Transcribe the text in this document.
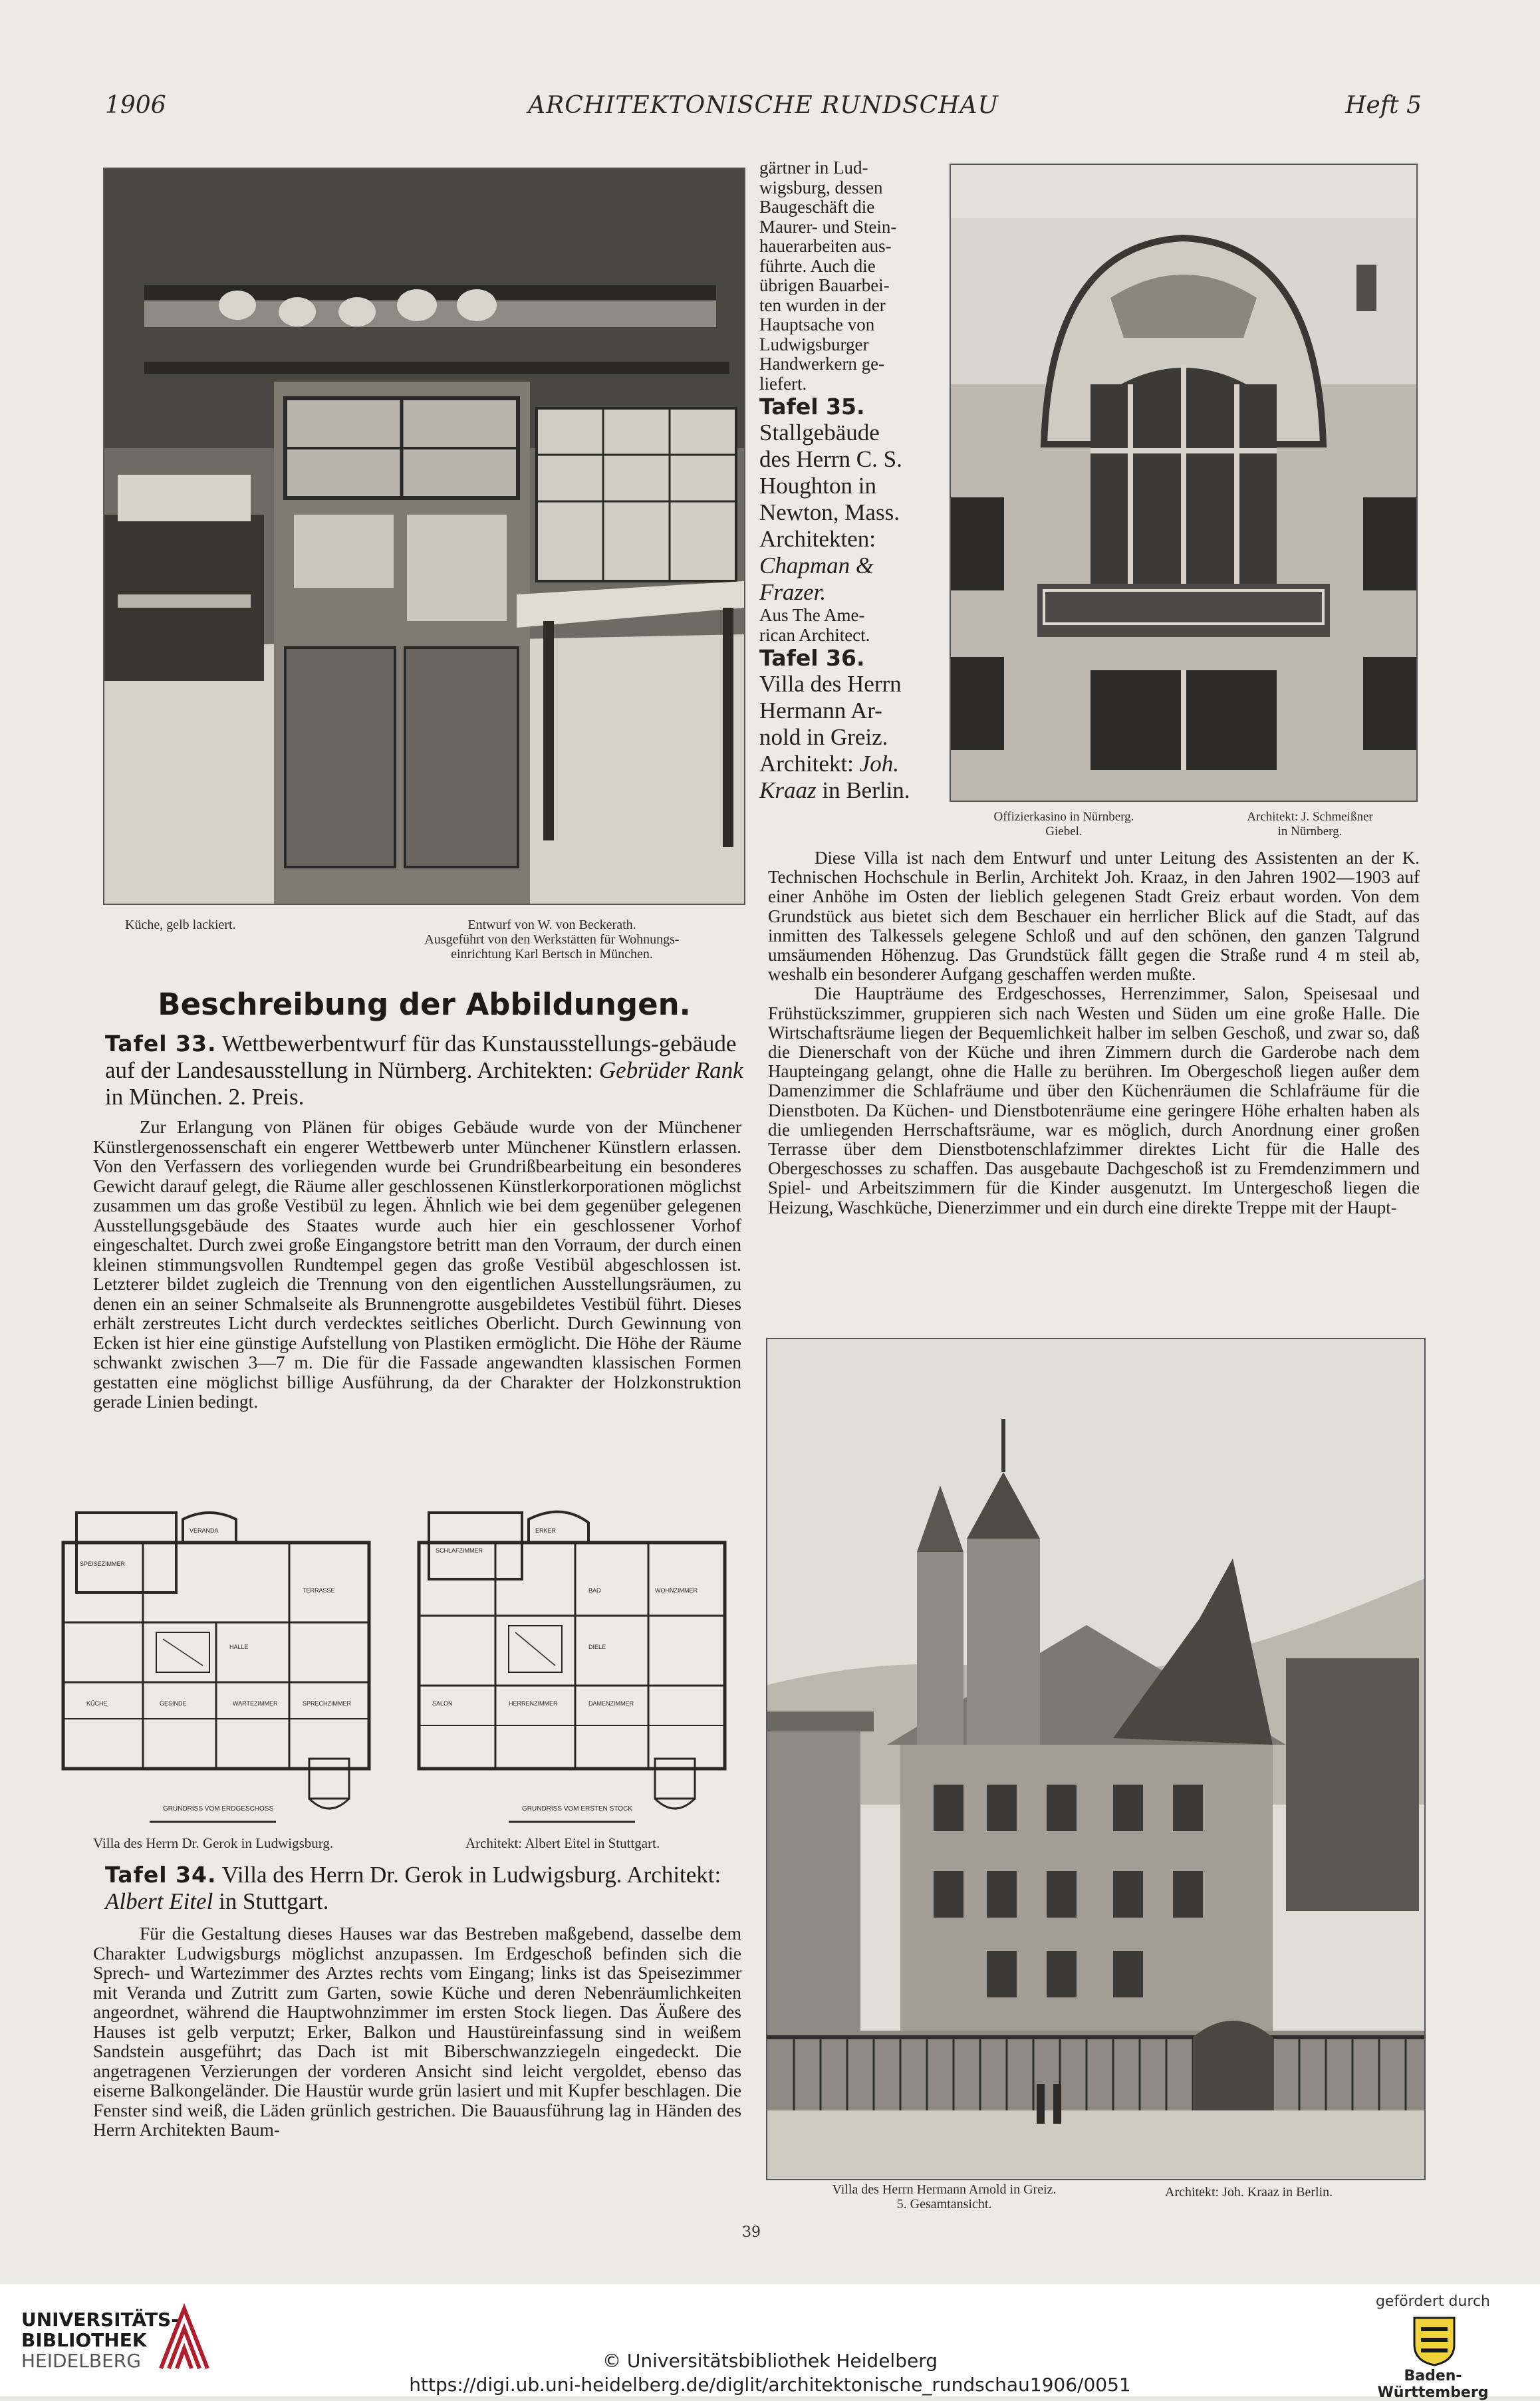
1906	ARCHITEKTONISCHE RUNDSCHAU	Heft 5
Küche, gelb lackiert.	Entwurf von W. von Beckerath.
Ausgeführt von den Werkstätten für Wohnungs-
einrichtung Karl Bertsch in München.
gärtner in Lud-
wigsburg, dessen
Baugeschäft die
Maurer- und Stein-
hauerarbeiten aus-
führte. Auch die
übrigen Bauarbei-
ten wurden in der
Hauptsache von
Ludwigsburger
Handwerkern ge-
liefert.
Tafel 35.
Stallgebäude
des Herrn C. S.
Houghton in
Newton, Mass.
Architekten:
Chapman &
Frazer.
Aus The Ame-
rican Architect.
Tafel 36.
Villa des Herrn
Hermann Ar-
nold in Greiz.
Architekt: Joh.
Kraaz in Berlin.
Offizierkasino in Nürnberg.
Giebel.
Architekt: J. Schmeißner
in Nürnberg.
Beschreibung der Abbildungen.
Tafel 33. Wettbewerbentwurf für das Kunstausstellungs-gebäude auf der Landesausstellung in Nürnberg. Architekten: Gebrüder Rank in München. 2. Preis.

Zur Erlangung von Plänen für obiges Gebäude wurde von der Münchener Künstlergenossenschaft ein engerer Wettbewerb unter Münchener Künstlern erlassen. Von den Verfassern des vorliegenden wurde bei Grundrißbearbeitung ein besonderes Gewicht darauf gelegt, die Räume aller geschlossenen Künstlerkorporationen möglichst zusammen um das große Vestibül zu legen. Ähnlich wie bei dem gegenüber gelegenen Ausstellungsgebäude des Staates wurde auch hier ein geschlossener Vorhof eingeschaltet. Durch zwei große Eingangstore betritt man den Vorraum, der durch einen kleinen stimmungsvollen Rundtempel gegen das große Vestibül abgeschlossen ist. Letzterer bildet zugleich die Trennung von den eigentlichen Ausstellungsräumen, zu denen ein an seiner Schmalseite als Brunnengrotte ausgebildetes Vestibül führt. Dieses erhält zerstreutes Licht durch verdecktes seitliches Oberlicht. Durch Gewinnung von Ecken ist hier eine günstige Aufstellung von Plastiken ermöglicht. Die Höhe der Räume schwankt zwischen 3—7 m. Die für die Fassade angewandten klassischen Formen gestatten eine möglichst billige Ausführung, da der Charakter der Holzkonstruktion gerade Linien bedingt.

SPEISEZIMMER
VERANDA
KÜCHE	GESINDE	WARTEZIMMER	SPRECHZIMMER
HALLE
TERRASSE
SCHLAFZIMMER
WOHNZIMMER
DIELE
SALON	HERRENZIMMER	DAMENZIMMER
BAD
ERKER
GRUNDRISS VOM ERDGESCHOSS	GRUNDRISS VOM ERSTEN STOCK
Villa des Herrn Dr. Gerok in Ludwigsburg.	Architekt: Albert Eitel in Stuttgart.
Tafel 34. Villa des Herrn Dr. Gerok in Ludwigsburg. Architekt: Albert Eitel in Stuttgart.

Für die Gestaltung dieses Hauses war das Bestreben maßgebend, dasselbe dem Charakter Ludwigsburgs möglichst anzupassen. Im Erdgeschoß befinden sich die Sprech- und Wartezimmer des Arztes rechts vom Eingang; links ist das Speisezimmer mit Veranda und Zutritt zum Garten, sowie Küche und deren Nebenräumlichkeiten angeordnet, während die Hauptwohnzimmer im ersten Stock liegen. Das Äußere des Hauses ist gelb verputzt; Erker, Balkon und Haustüreinfassung sind in weißem Sandstein ausgeführt; das Dach ist mit Biberschwanzziegeln eingedeckt. Die angetragenen Verzierungen der vorderen Ansicht sind leicht vergoldet, ebenso das eiserne Balkongeländer. Die Haustür wurde grün lasiert und mit Kupfer beschlagen. Die Fenster sind weiß, die Läden grünlich gestrichen. Die Bauausführung lag in Händen des Herrn Architekten Baum-

Diese Villa ist nach dem Entwurf und unter Leitung des Assistenten an der K. Technischen Hochschule in Berlin, Architekt Joh. Kraaz, in den Jahren 1902—1903 auf einer Anhöhe im Osten der lieblich gelegenen Stadt Greiz erbaut worden. Von dem Grundstück aus bietet sich dem Beschauer ein herrlicher Blick auf die Stadt, auf das inmitten des Talkessels gelegene Schloß und auf den schönen, den ganzen Talgrund umsäumenden Höhenzug. Das Grundstück fällt gegen die Straße rund 4 m steil ab, weshalb ein besonderer Aufgang geschaffen werden mußte.

Die Haupträume des Erdgeschosses, Herrenzimmer, Salon, Speisesaal und Frühstückszimmer, gruppieren sich nach Westen und Süden um eine große Halle. Die Wirtschaftsräume liegen der Bequemlichkeit halber im selben Geschoß, und zwar so, daß die Dienerschaft von der Küche und ihren Zimmern durch die Garderobe nach dem Haupteingang gelangt, ohne die Halle zu berühren. Im Obergeschoß liegen außer dem Damenzimmer die Schlafräume und über den Küchenräumen die Schlafräume für die Dienstboten. Da Küchen- und Dienstbotenräume eine geringere Höhe erhalten haben als die umliegenden Herrschaftsräume, war es möglich, durch Anordnung einer großen Terrasse über dem Dienstbotenschlafzimmer direktes Licht für die Halle des Obergeschosses zu schaffen. Das ausgebaute Dachgeschoß ist zu Fremdenzimmern und Spiel- und Arbeitszimmern für die Kinder ausgenutzt. Im Untergeschoß liegen die Heizung, Waschküche, Dienerzimmer und ein durch eine direkte Treppe mit der Haupt-

Villa des Herrn Hermann Arnold in Greiz.
5. Gesamtansicht.
Architekt: Joh. Kraaz in Berlin.
39
UNIVERSITÄTS-
BIBLIOTHEK
HEIDELBERG	© Universitätsbibliothek Heidelberg
https://digi.ub.uni-heidelberg.de/diglit/architektonische_rundschau1906/0051
gefördert durch
Baden-Württemberg
